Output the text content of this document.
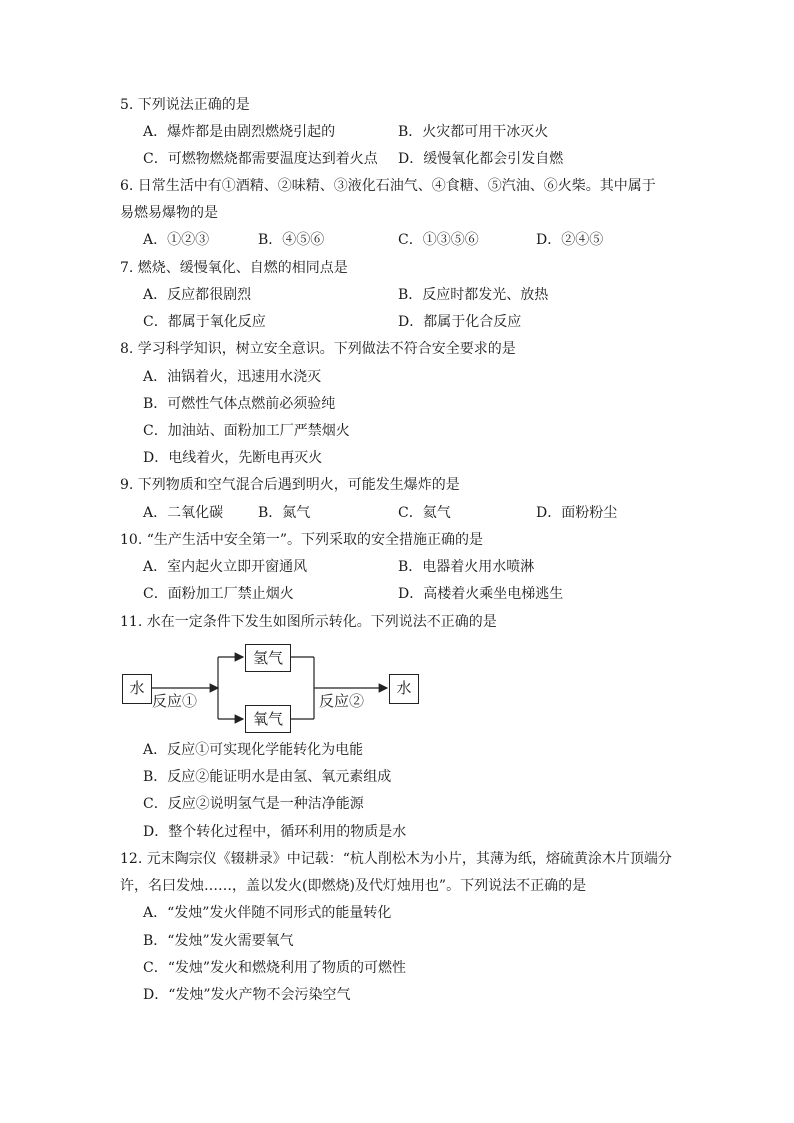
5. 下列说法正确的是
A．爆炸都是由剧烈燃烧引起的	B．火灾都可用干冰灭火
C．可燃物燃烧都需要温度达到着火点 D．缓慢氧化都会引发自燃
6. 日常生活中有①酒精、②味精、③液化石油气、④食糖、⑤汽油、⑥火柴。其中属于
易燃易爆物的是
A．①②③	B．④⑤⑥	C．①③⑤⑥	D．②④⑤
7. 燃烧、缓慢氧化、自燃的相同点是
A．反应都很剧烈	B．反应时都发光、放热
C．都属于氧化反应	D．都属于化合反应
8. 学习科学知识，树立安全意识。下列做法不符合安全要求的是
A．油锅着火，迅速用水浇灭
B．可燃性气体点燃前必须验纯
C．加油站、面粉加工厂严禁烟火
D．电线着火，先断电再灭火
9. 下列物质和空气混合后遇到明火，可能发生爆炸的是
A．二氧化碳 B．氮气	C．氦气	D．面粉粉尘
10. “生产生活中安全第一”。下列采取的安全措施正确的是
A．室内起火立即开窗通风	B．电器着火用水喷淋
C．面粉加工厂禁止烟火	D．高楼着火乘坐电梯逃生
11. 水在一定条件下发生如图所示转化。下列说法不正确的是
水
氢气
氧气
水
反应①	反应②
A．反应①可实现化学能转化为电能
B．反应②能证明水是由氢、氧元素组成
C．反应②说明氢气是一种洁净能源
D．整个转化过程中，循环利用的物质是水
12. 元末陶宗仪《辍耕录》中记载：“杭人削松木为小片，其薄为纸，熔硫黄涂木片顶端分
许，名曰发烛……，盖以发火(即燃烧)及代灯烛用也”。下列说法不正确的是
A．“发烛”发火伴随不同形式的能量转化
B．“发烛”发火需要氧气
C．“发烛”发火和燃烧利用了物质的可燃性
D．“发烛”发火产物不会污染空气
